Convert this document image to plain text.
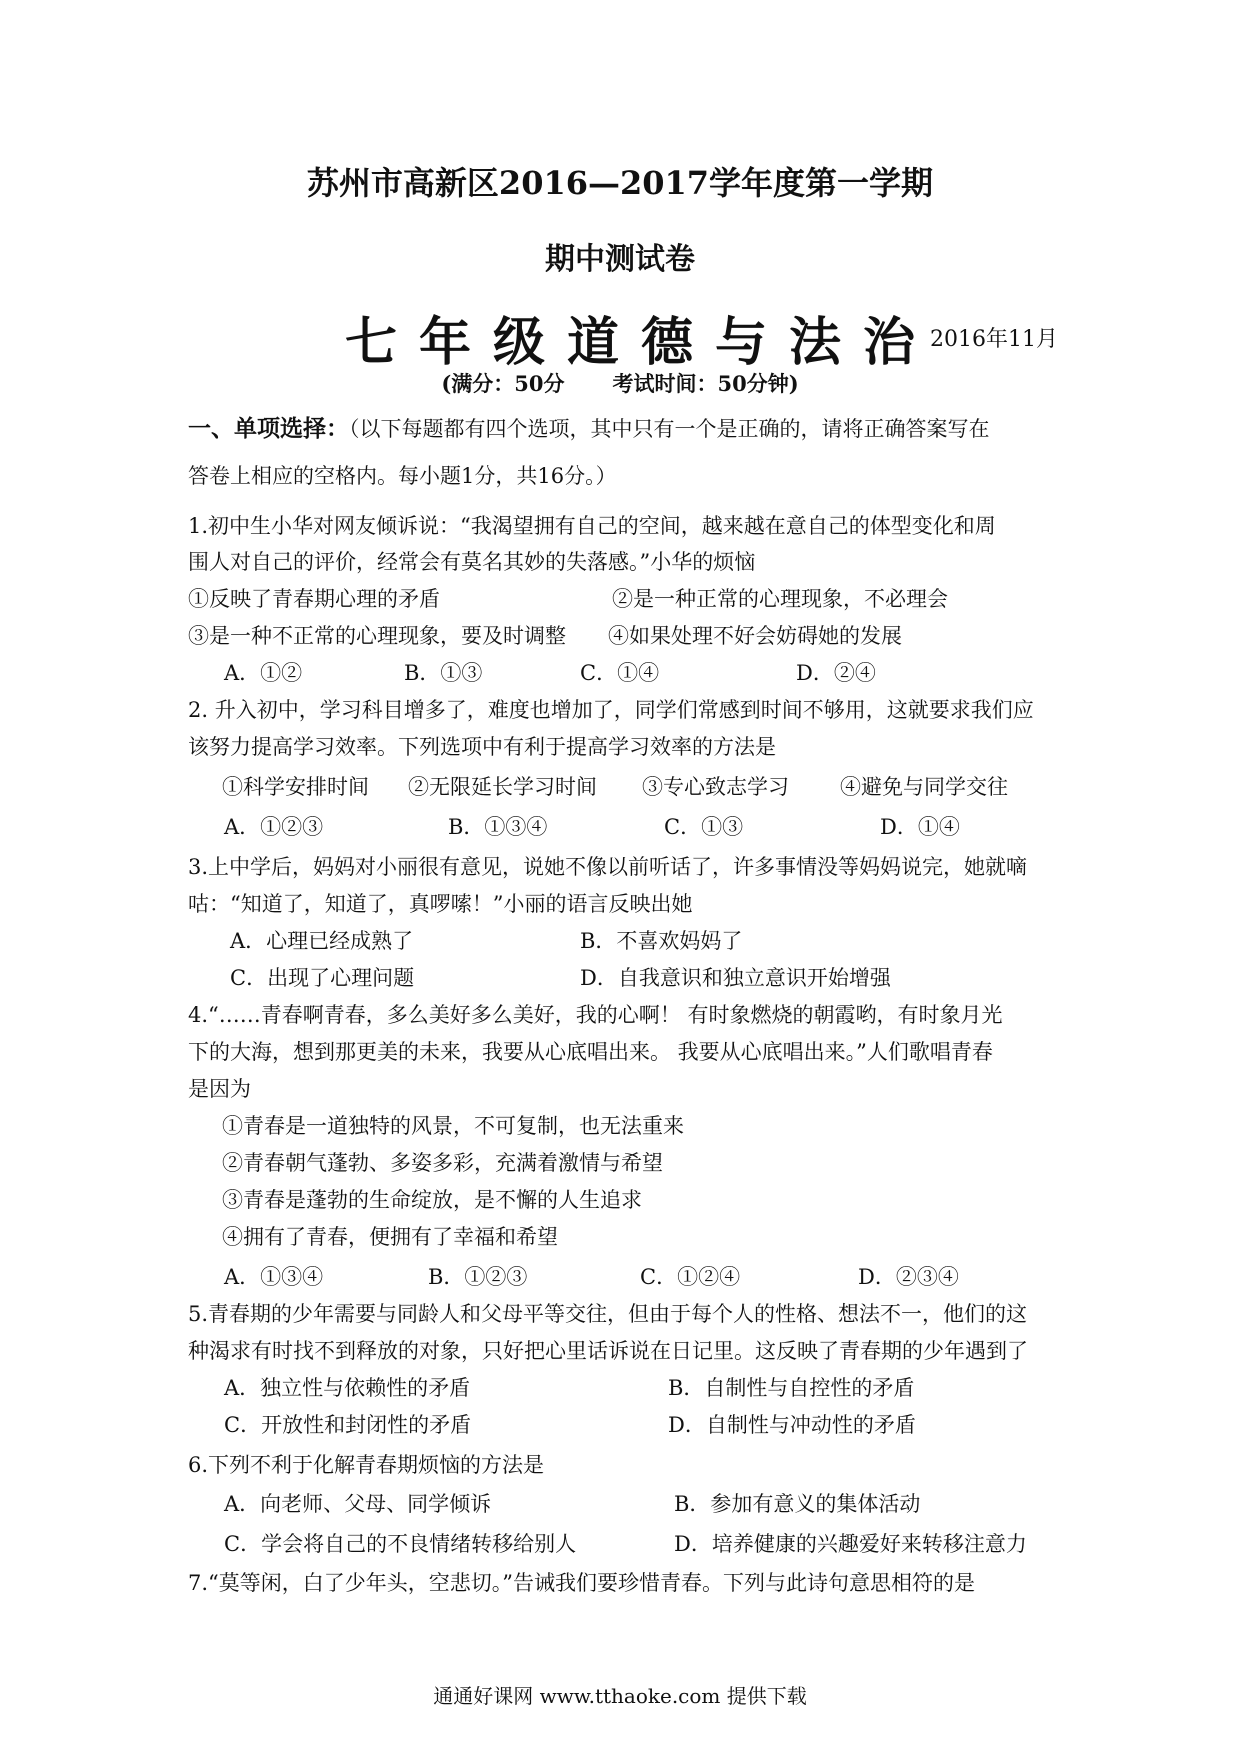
苏州市高新区2016—2017学年度第一学期
期中测试卷
七年级道德与法治
2016年11月
(满分：50分 考试时间：50分钟)
一、单项选择：（以下每题都有四个选项，其中只有一个是正确的，请将正确答案写在
答卷上相应的空格内。每小题1分，共16分。）
1.初中生小华对网友倾诉说：“我渴望拥有自己的空间，越来越在意自己的体型变化和周
围人对自己的评价，经常会有莫名其妙的失落感。”小华的烦恼
①反映了青春期心理的矛盾	②是一种正常的心理现象，不必理会
③是一种不正常的心理现象，要及时调整 ④如果处理不好会妨碍她的发展
A．①②	B．①③	C．①④	D．②④
2. 升入初中，学习科目增多了，难度也增加了，同学们常感到时间不够用，这就要求我们应
该努力提高学习效率。下列选项中有利于提高学习效率的方法是
①科学安排时间 ②无限延长学习时间 ③专心致志学习 ④避免与同学交往
A．①②③	B．①③④	C．①③	D．①④
3.上中学后，妈妈对小丽很有意见，说她不像以前听话了，许多事情没等妈妈说完，她就嘀
咕：“知道了，知道了，真啰嗦！”小丽的语言反映出她
A．心理已经成熟了	B．不喜欢妈妈了
C．出现了心理问题	D．自我意识和独立意识开始增强
4.“……青春啊青春，多么美好多么美好，我的心啊！ 有时象燃烧的朝霞哟，有时象月光
下的大海，想到那更美的未来，我要从心底唱出来。 我要从心底唱出来。”人们歌唱青春
是因为
①青春是一道独特的风景，不可复制，也无法重来
②青春朝气蓬勃、多姿多彩，充满着激情与希望
③青春是蓬勃的生命绽放，是不懈的人生追求
④拥有了青春，便拥有了幸福和希望
A．①③④	B．①②③	C．①②④	D．②③④
5.青春期的少年需要与同龄人和父母平等交往，但由于每个人的性格、想法不一，他们的这
种渴求有时找不到释放的对象，只好把心里话诉说在日记里。这反映了青春期的少年遇到了
A．独立性与依赖性的矛盾	B．自制性与自控性的矛盾
C．开放性和封闭性的矛盾	D．自制性与冲动性的矛盾
6.下列不利于化解青春期烦恼的方法是
A．向老师、父母、同学倾诉	B．参加有意义的集体活动
C．学会将自己的不良情绪转移给别人	D．培养健康的兴趣爱好来转移注意力
7.“莫等闲，白了少年头，空悲切。”告诫我们要珍惜青春。下列与此诗句意思相符的是
通通好课网 www.tthaoke.com 提供下载
